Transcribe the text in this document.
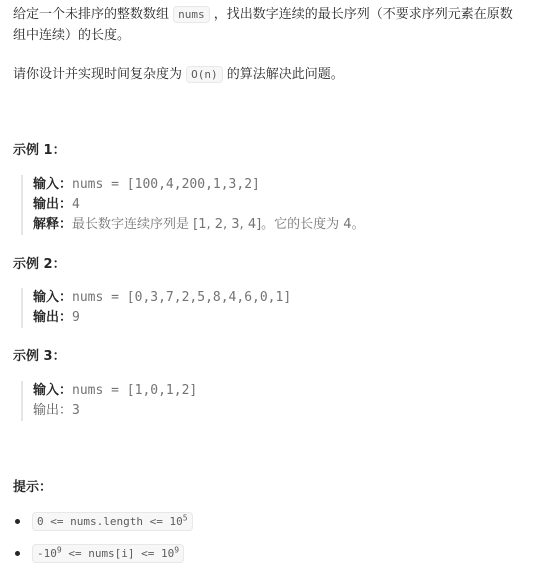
给定一个未排序的整数数组 nums ，找出数字连续的最长序列（不要求序列元素在原数组中连续）的长度。
请你设计并实现时间复杂度为 O(n) 的算法解决此问题。
示例 1：
输入：nums = [100,4,200,1,3,2]
输出：4
解释：最长数字连续序列是 [1, 2, 3, 4]。它的长度为 4。
示例 2：
输入：nums = [0,3,7,2,5,8,4,6,0,1]
输出：9
示例 3：
输入：nums = [1,0,1,2]
输出：3
提示：
0 <= nums.length <= $10^5$
$-10^9$ <= nums[i] <= $10^9$
